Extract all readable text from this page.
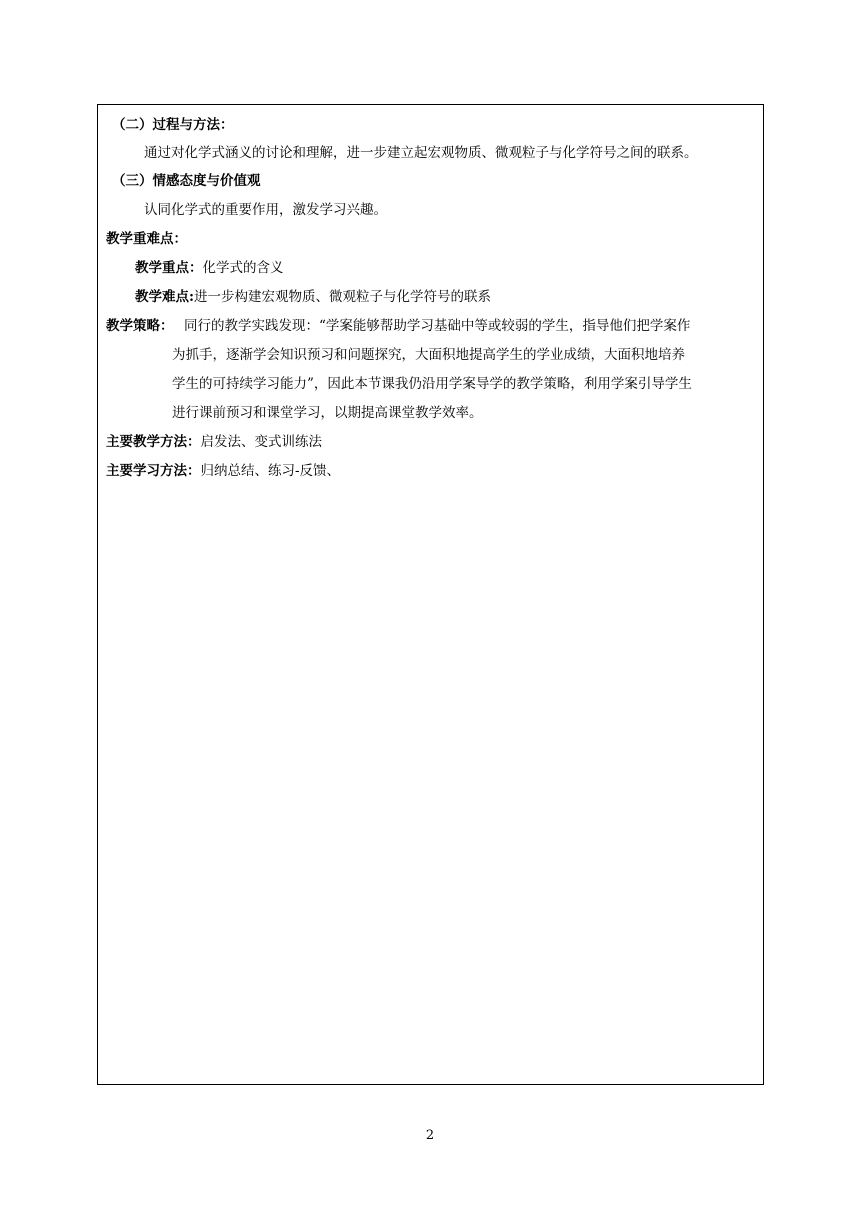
（二）过程与方法：
通过对化学式涵义的讨论和理解，进一步建立起宏观物质、微观粒子与化学符号之间的联系。
（三）情感态度与价值观
认同化学式的重要作用，激发学习兴趣。
教学重难点：
教学重点：化学式的含义
教学难点:进一步构建宏观物质、微观粒子与化学符号的联系
教学策略： 同行的教学实践发现：“学案能够帮助学习基础中等或较弱的学生，指导他们把学案作
为抓手，逐渐学会知识预习和问题探究，大面积地提高学生的学业成绩，大面积地培养
学生的可持续学习能力”，因此本节课我仍沿用学案导学的教学策略，利用学案引导学生
进行课前预习和课堂学习，以期提高课堂教学效率。
主要教学方法：启发法、变式训练法
主要学习方法：归纳总结、练习-反馈、
2
